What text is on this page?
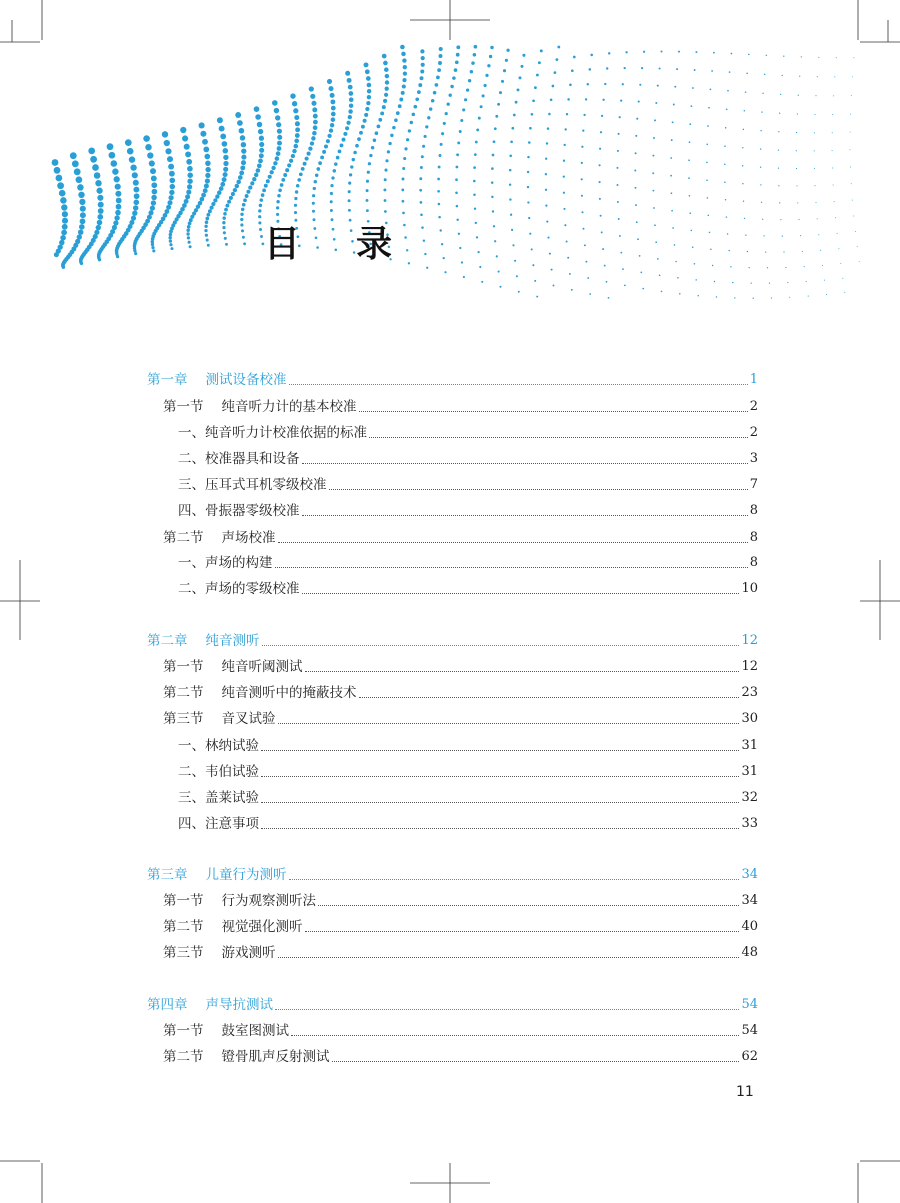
目 录
第一章 测试设备校准	1
第一节 纯音听力计的基本校准	2
一、纯音听力计校准依据的标准	2
二、校准器具和设备	3
三、压耳式耳机零级校准	7
四、骨振器零级校准	8
第二节 声场校准	8
一、声场的构建	8
二、声场的零级校准	10
第二章 纯音测听	12
第一节 纯音听阈测试	12
第二节 纯音测听中的掩蔽技术	23
第三节 音叉试验	30
一、林纳试验	31
二、韦伯试验	31
三、盖莱试验	32
四、注意事项	33
第三章 儿童行为测听	34
第一节 行为观察测听法	34
第二节 视觉强化测听	40
第三节 游戏测听	48
第四章 声导抗测试	54
第一节 鼓室图测试	54
第二节 镫骨肌声反射测试	62
11
